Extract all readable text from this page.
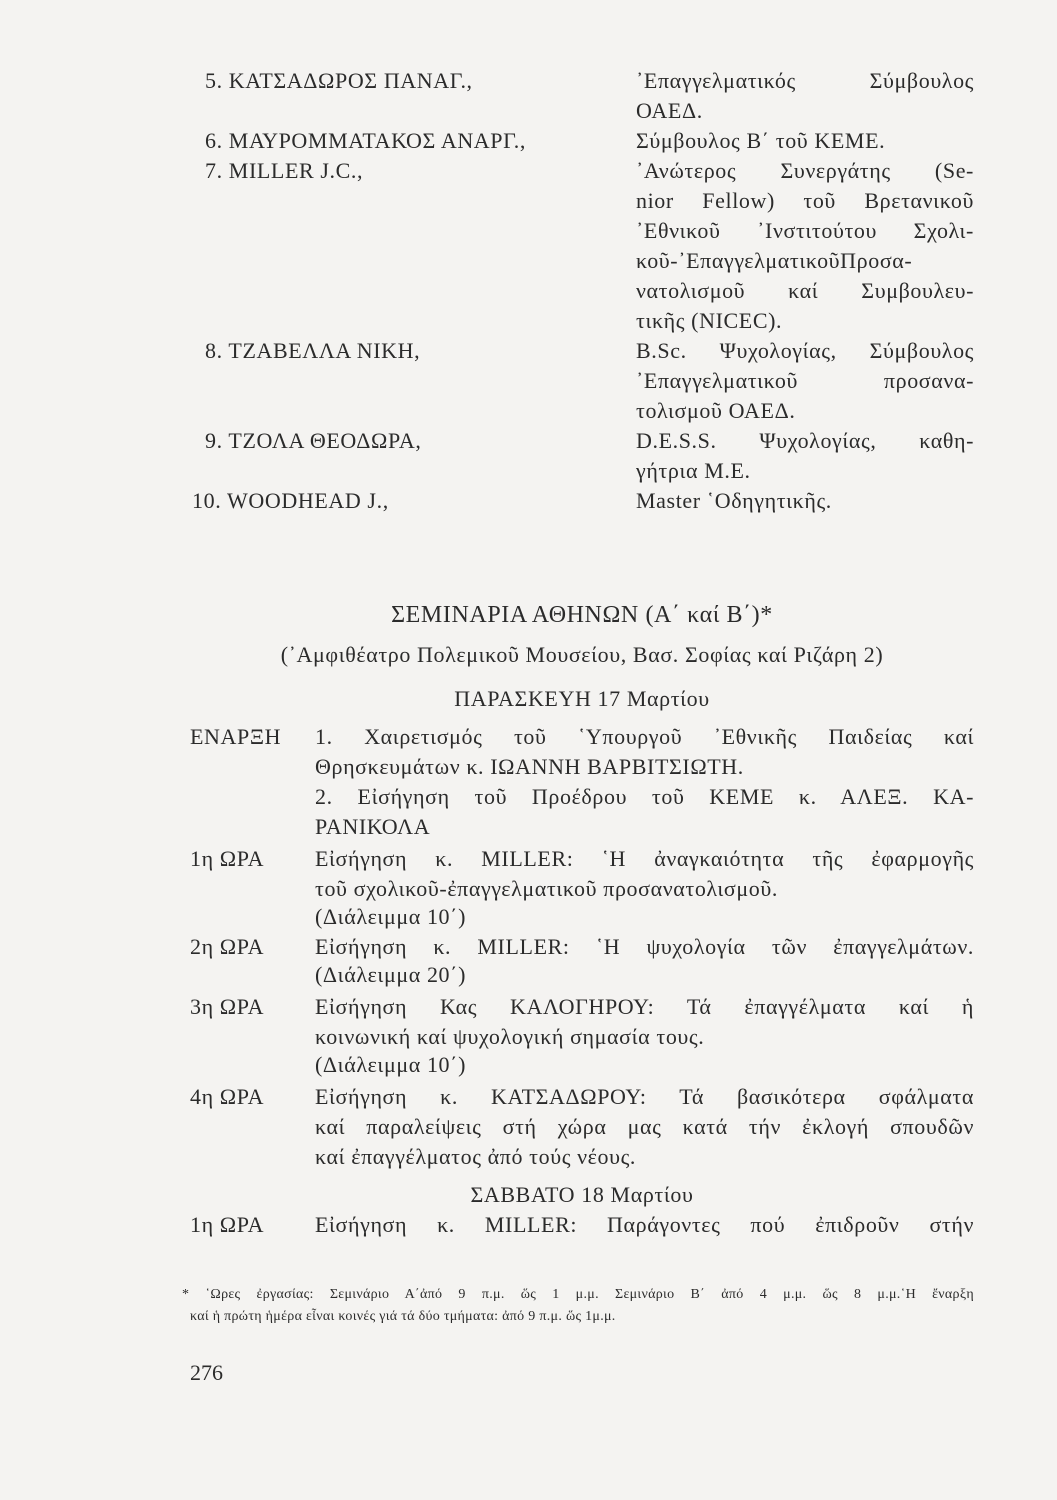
5. ΚΑΤΣΑΔΩΡΟΣ ΠΑΝΑΓ.,	᾿Επαγγελματικός Σύμβουλος
ΟΑΕΔ.
6. ΜΑΥΡΟΜΜΑΤΑΚΟΣ ΑΝΑΡΓ.,	Σύμβουλος Β΄ τοῦ ΚΕΜΕ.
7. MILLER J.C.,	᾿Ανώτερος Συνεργάτης (Se-
nior Fellow) τοῦ Βρετανικοῦ
᾿Εθνικοῦ ᾿Ινστιτούτου Σχολι-
κοῦ-᾿ΕπαγγελματικοῦΠροσα-
νατολισμοῦ καί Συμβουλευ-
τικῆς (NICEC).
8. ΤΖΑΒΕΛΛΑ ΝΙΚΗ,	B.Sc. Ψυχολογίας, Σύμβουλος
᾿Επαγγελματικοῦ προσανα-
τολισμοῦ ΟΑΕΔ.
9. ΤΖΟΛΑ ΘΕΟΔΩΡΑ,	D.E.S.S. Ψυχολογίας, καθη-
γήτρια Μ.Ε.
10. WOODHEAD J.,	Master ῾Οδηγητικῆς.
ΣΕΜΙΝΑΡΙΑ ΑΘΗΝΩΝ (Α΄ καί Β΄)*
(᾿Αμφιθέατρο Πολεμικοῦ Μουσείου, Βασ. Σοφίας καί Ριζάρη 2)
ΠΑΡΑΣΚΕΥΗ 17 Μαρτίου
ΕΝΑΡΞΗ 1. Χαιρετισμός τοῦ ῾Υπουργοῦ ᾿Εθνικῆς Παιδείας καί
Θρησκευμάτων κ. ΙΩΑΝΝΗ ΒΑΡΒΙΤΣΙΩΤΗ.
2. Εἰσήγηση τοῦ Προέδρου τοῦ ΚΕΜΕ κ. ΑΛΕΞ. ΚΑ-
ΡΑΝΙΚΟΛΑ
1η ΩΡΑ Εἰσήγηση κ. MILLER: ῾Η ἀναγκαιότητα τῆς ἐφαρμογῆς
τοῦ σχολικοῦ-ἐπαγγελματικοῦ προσανατολισμοῦ.
(Διάλειμμα 10΄)
2η ΩΡΑ Εἰσήγηση κ. MILLER: ῾Η ψυχολογία τῶν ἐπαγγελμάτων.
(Διάλειμμα 20΄)
3η ΩΡΑ Εἰσήγηση Κας ΚΑΛΟΓΗΡΟΥ: Τά ἐπαγγέλματα καί ἡ
κοινωνική καί ψυχολογική σημασία τους.
(Διάλειμμα 10΄)
4η ΩΡΑ Εἰσήγηση κ. ΚΑΤΣΑΔΩΡΟΥ: Τά βασικότερα σφάλματα
καί παραλείψεις στή χώρα μας κατά τήν ἐκλογή σπουδῶν
καί ἐπαγγέλματος ἀπό τούς νέους.
ΣΑΒΒΑΤΟ 18 Μαρτίου
1η ΩΡΑ Εἰσήγηση κ. MILLER: Παράγοντες πού ἐπιδροῦν στήν
* ῾Ωρες ἐργασίας: Σεμινάριο Α΄ἀπό 9 π.μ. ὥς 1 μ.μ. Σεμινάριο Β΄ ἀπό 4 μ.μ. ὥς 8 μ.μ.῾Η ἔναρξη
καί ἡ πρώτη ἡμέρα εἶναι κοινές γιά τά δύο τμήματα: ἀπό 9 π.μ. ὥς 1μ.μ.
276
